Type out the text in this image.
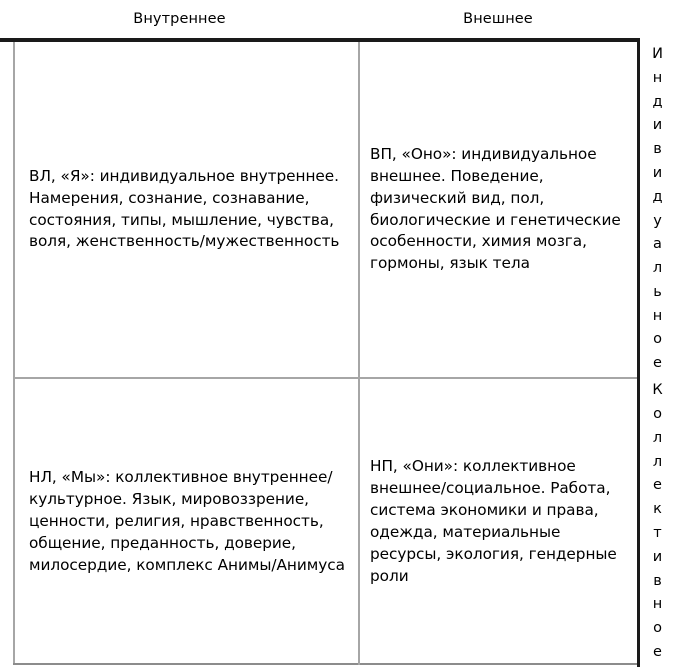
Внутреннее	Внешнее

ВЛ, «Я»: индивидуальное внутреннее. Намерения, сознание, сознавание, состояния, типы, мышление, чувства, воля, женственность/мужественность

ВП, «Оно»: индивидуальное внешнее. Поведение, физический вид, пол, биологические и генетические особенности, химия мозга, гормоны, язык тела

НЛ, «Мы»: коллективное внутреннее/культурное. Язык, мировоззрение, ценности, религия, нравственность, общение, преданность, доверие, милосердие, комплекс Анимы/Анимуса

НП, «Они»: коллективное внешнее/социальное. Работа, система экономики и права, одежда, материальные ресурсы, экология, гендерные роли

И
н
д
и
в
и
д
у
а
л
ь
н
о
е
К
о
л
л
е
к
т
и
в
н
о
е
